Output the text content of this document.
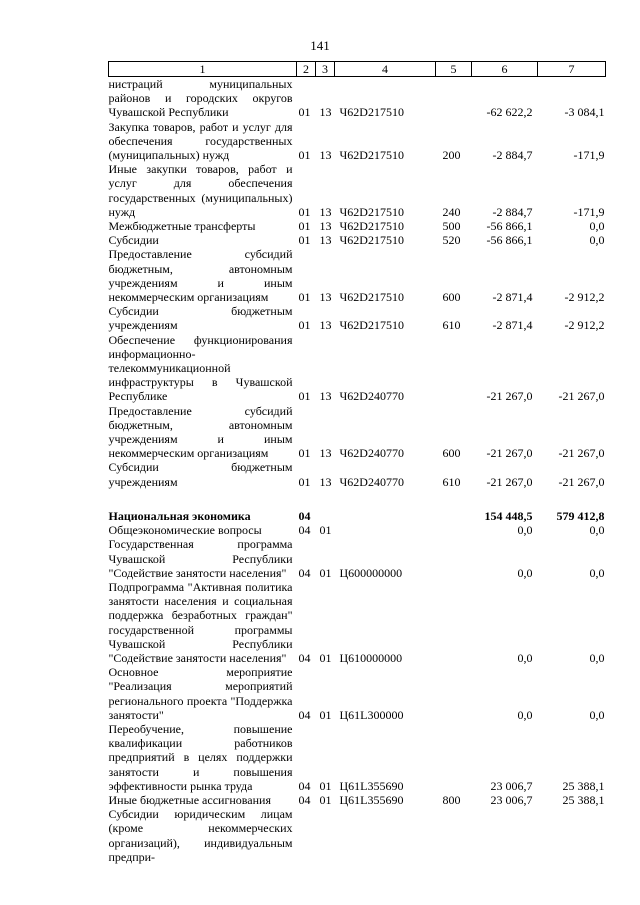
141
1	2	3	4	5	6	7
нистраций муниципальных районов и городских округов Чувашской Республики	01	13	Ч62D217510		-62 622,2	-3 084,1
Закупка товаров, работ и услуг для обеспечения государственных (муниципальных) нужд	01	13	Ч62D217510	200	-2 884,7	-171,9
Иные закупки товаров, работ и услуг для обеспечения государственных (муниципальных) нужд	01	13	Ч62D217510	240	-2 884,7	-171,9
Межбюджетные трансферты	01	13	Ч62D217510	500	-56 866,1	0,0
Субсидии	01	13	Ч62D217510	520	-56 866,1	0,0
Предоставление субсидий бюджетным, автономным учреждениям и иным некоммерческим организациям	01	13	Ч62D217510	600	-2 871,4	-2 912,2
Субсидии бюджетным учреждениям	01	13	Ч62D217510	610	-2 871,4	-2 912,2
Обеспечение функционирования информационно-телекоммуникационной инфраструктуры в Чувашской Республике	01	13	Ч62D240770		-21 267,0	-21 267,0
Предоставление субсидий бюджетным, автономным учреждениям и иным некоммерческим организациям	01	13	Ч62D240770	600	-21 267,0	-21 267,0
Субсидии бюджетным учреждениям	01	13	Ч62D240770	610	-21 267,0	-21 267,0

Национальная экономика	04				154 448,5	579 412,8
Общеэкономические вопросы	04	01			0,0	0,0
Государственная программа Чувашской Республики "Содействие занятости населения"	04	01	Ц600000000		0,0	0,0
Подпрограмма "Активная политика занятости населения и социальная поддержка безработных граждан" государственной программы Чувашской Республики "Содействие занятости населения"	04	01	Ц610000000		0,0	0,0
Основное мероприятие "Реализация мероприятий регионального проекта "Поддержка занятости"	04	01	Ц61L300000		0,0	0,0
Переобучение, повышение квалификации работников предприятий в целях поддержки занятости и повышения эффективности рынка труда	04	01	Ц61L355690		23 006,7	25 388,1
Иные бюджетные ассигнования	04	01	Ц61L355690	800	23 006,7	25 388,1
Субсидии юридическим лицам (кроме некоммерческих организаций), индивидуальным предпри-						
